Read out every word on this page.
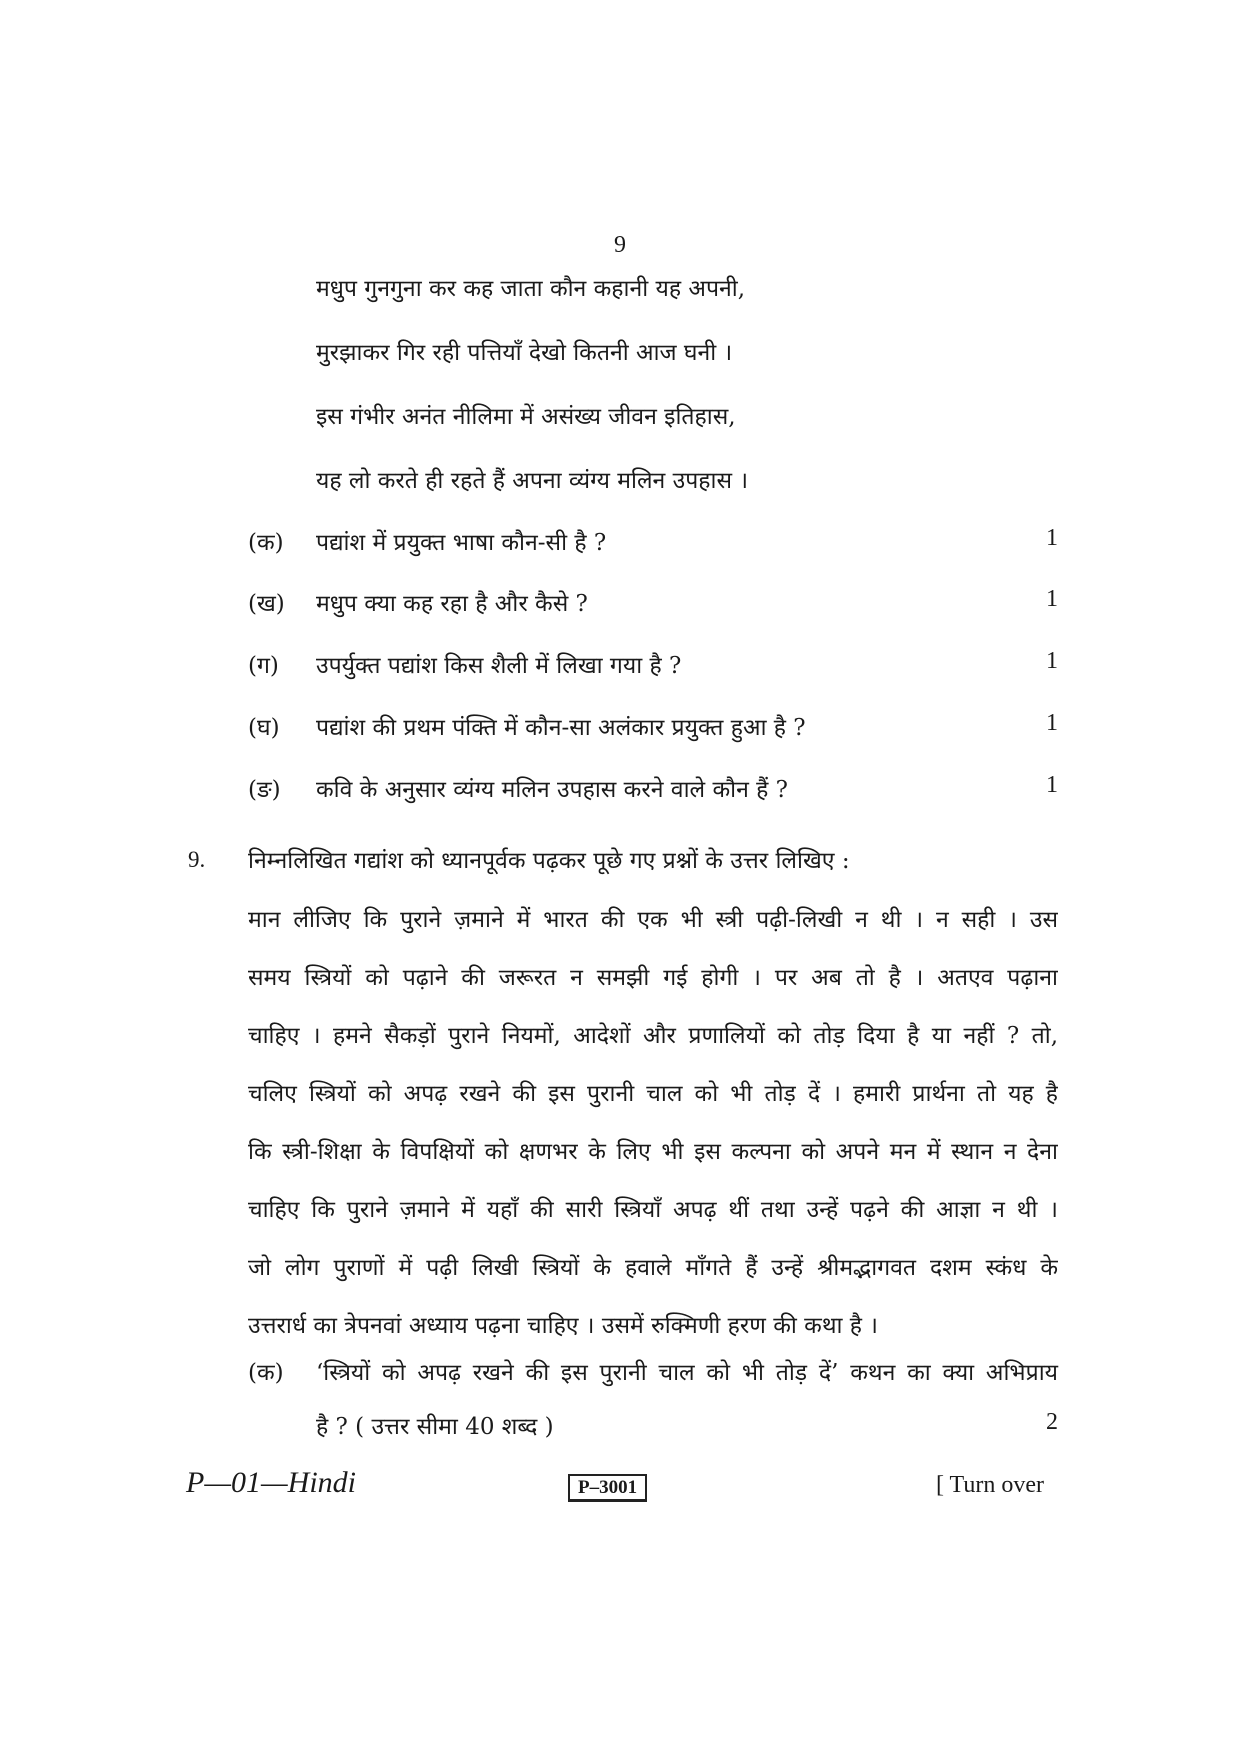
9
मधुप गुनगुना कर कह जाता कौन कहानी यह अपनी,
मुरझाकर गिर रही पत्तियाँ देखो कितनी आज घनी ।
इस गंभीर अनंत नीलिमा में असंख्य जीवन इतिहास,
यह लो करते ही रहते हैं अपना व्यंग्य मलिन उपहास ।
(क) पद्यांश में प्रयुक्त भाषा कौन-सी है ?	1
(ख) मधुप क्या कह रहा है और कैसे ?	1
(ग) उपर्युक्त पद्यांश किस शैली में लिखा गया है ?	1
(घ) पद्यांश की प्रथम पंक्ति में कौन-सा अलंकार प्रयुक्त हुआ है ?	1
(ङ) कवि के अनुसार व्यंग्य मलिन उपहास करने वाले कौन हैं ?	1
9. निम्नलिखित गद्यांश को ध्यानपूर्वक पढ़कर पूछे गए प्रश्नों के उत्तर लिखिए :
मान लीजिए कि पुराने ज़माने में भारत की एक भी स्त्री पढ़ी-लिखी न थी । न सही । उस
समय स्त्रियों को पढ़ाने की जरूरत न समझी गई होगी । पर अब तो है । अतएव पढ़ाना
चाहिए । हमने सैकड़ों पुराने नियमों, आदेशों और प्रणालियों को तोड़ दिया है या नहीं ? तो,
चलिए स्त्रियों को अपढ़ रखने की इस पुरानी चाल को भी तोड़ दें । हमारी प्रार्थना तो यह है
कि स्त्री-शिक्षा के विपक्षियों को क्षणभर के लिए भी इस कल्पना को अपने मन में स्थान न देना
चाहिए कि पुराने ज़माने में यहाँ की सारी स्त्रियाँ अपढ़ थीं तथा उन्हें पढ़ने की आज्ञा न थी ।
जो लोग पुराणों में पढ़ी लिखी स्त्रियों के हवाले माँगते हैं उन्हें श्रीमद्भागवत दशम स्कंध के
उत्तरार्ध का त्रेपनवां अध्याय पढ़ना चाहिए । उसमें रुक्मिणी हरण की कथा है ।
(क) ‘स्त्रियों को अपढ़ रखने की इस पुरानी चाल को भी तोड़ दें’ कथन का क्या अभिप्राय
है ? ( उत्तर सीमा 40 शब्द )	2
P—01—Hindi	P–3001	[ Turn over
